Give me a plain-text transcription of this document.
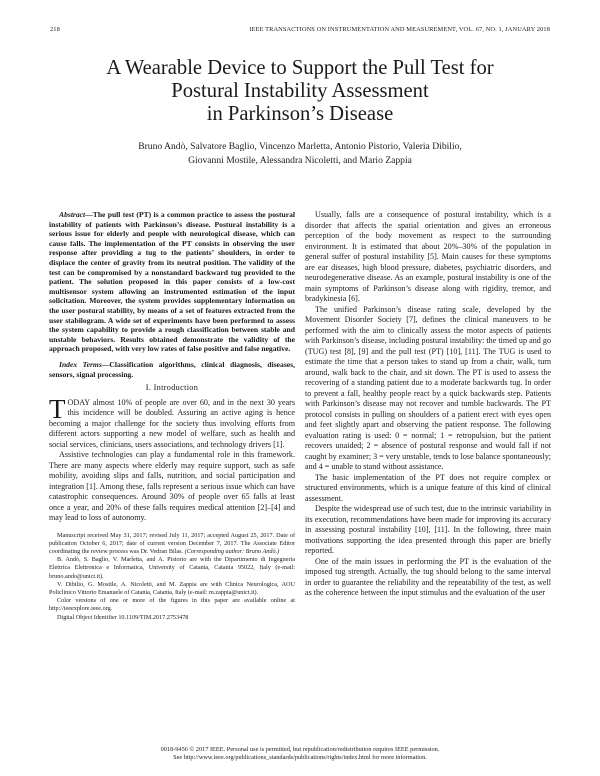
218	IEEE TRANSACTIONS ON INSTRUMENTATION AND MEASUREMENT, VOL. 67, NO. 1, JANUARY 2018
A Wearable Device to Support the Pull Test for
Postural Instability Assessment
in Parkinson’s Disease
Bruno Andò, Salvatore Baglio, Vincenzo Marletta, Antonio Pistorio, Valeria Dibilio,
Giovanni Mostile, Alessandra Nicoletti, and Mario Zappia

Abstract—The pull test (PT) is a common practice to assess the postural instability of patients with Parkinson’s disease. Postural instability is a serious issue for elderly and people with neurological disease, which can cause falls. The implementation of the PT consists in observing the user response after providing a tug to the patients’ shoulders, in order to displace the center of gravity from its neutral position. The validity of the test can be compromised by a nonstandard backward tug provided to the patient. The solution proposed in this paper consists of a low-cost multisensor system allowing an instrumented estimation of the input solicitation. Moreover, the system provides supplementary information on the user postural stability, by means of a set of features extracted from the user stabilogram. A wide set of experiments have been performed to assess the system capability to provide a rough classification between stable and unstable behaviors. Results obtained demonstrate the validity of the approach proposed, with very low rates of false positive and false negative.

Index Terms—Classification algorithms, clinical diagnosis, diseases, sensors, signal processing.

I. Introduction

TODAY almost 10% of people are over 60, and in the next 30 years this incidence will be doubled. Assuring an active aging is hence becoming a major challenge for the society thus involving efforts from different actors supporting a new model of welfare, such as health and social services, clinicians, users associations, and technology drivers [1].

Assistive technologies can play a fundamental role in this framework. There are many aspects where elderly may require support, such as safe mobility, avoiding slips and falls, nutrition, and social participation and integration [1]. Among these, falls represent a serious issue which can have catastrophic consequences. Around 30% of people over 65 falls at least once a year, and 20% of these falls requires medical attention [2]–[4] and may lead to loss of autonomy.

Manuscript received May 31, 2017; revised July 11, 2017; accepted August 25, 2017. Date of publication October 6, 2017; date of current version December 7, 2017. The Associate Editor coordinating the review process was Dr. Vedran Bilas. (Corresponding author: Bruno Andò.)

B. Andò, S. Baglio, V. Marletta, and A. Pistorio are with the Dipartimento di Ingegneria Elettrica Elettronica e Informatica, University of Catania, Catania 95022, Italy (e-mail: bruno.ando@unict.it).

V. Dibilio, G. Mostile, A. Nicoletti, and M. Zappia are with Clinica Neurologica, AOU Policlinico Vittorio Emanuele of Catania, Catania, Italy (e-mail: m.zappia@unict.it).

Color versions of one or more of the figures in this paper are available online at http://ieeexplore.ieee.org.

Digital Object Identifier 10.1109/TIM.2017.2753478

Usually, falls are a consequence of postural instability, which is a disorder that affects the spatial orientation and gives an erroneous perception of the body movement as respect to the surrounding environment. It is estimated that about 20%–30% of the population in general suffer of postural instability [5]. Main causes for these symptoms are ear diseases, high blood pressure, diabetes, psychiatric disorders, and neurodegenerative disease. As an example, postural instability is one of the main symptoms of Parkinson’s disease along with rigidity, tremor, and bradykinesia [6].

The unified Parkinson’s disease rating scale, developed by the Movement Disorder Society [7], defines the clinical maneuvers to be performed with the aim to clinically assess the motor aspects of patients with Parkinson’s disease, including postural instability: the timed up and go (TUG) test [8], [9] and the pull test (PT) [10], [11]. The TUG is used to estimate the time that a person takes to stand up from a chair, walk, turn around, walk back to the chair, and sit down. The PT is used to assess the recovering of a standing patient due to a moderate backwards tug. In order to prevent a fall, healthy people react by a quick backwards step. Patients with Parkinson’s disease may not recover and tumble backwards. The PT protocol consists in pulling on shoulders of a patient erect with eyes open and feet slightly apart and observing the patient response. The following evaluation rating is used: 0 = normal; 1 = retropulsion, but the patient recovers unaided; 2 = absence of postural response and would fall if not caught by examiner; 3 = very unstable, tends to lose balance spontaneously; and 4 = unable to stand without assistance.

The basic implementation of the PT does not require complex or structured environments, which is a unique feature of this kind of clinical assessment.

Despite the widespread use of such test, due to the intrinsic variability in its execution, recommendations have been made for improving its accuracy in assessing postural instability [10], [11]. In the following, three main motivations supporting the idea presented through this paper are briefly reported.

One of the main issues in performing the PT is the evaluation of the imposed tug strength. Actually, the tug should belong to the same interval in order to guarantee the reliability and the repeatability of the test, as well as the coherence between the input stimulus and the evaluation of the user

0018-9456 © 2017 IEEE. Personal use is permitted, but republication/redistribution requires IEEE permission.
See http://www.ieee.org/publications_standards/publications/rights/index.html for more information.
